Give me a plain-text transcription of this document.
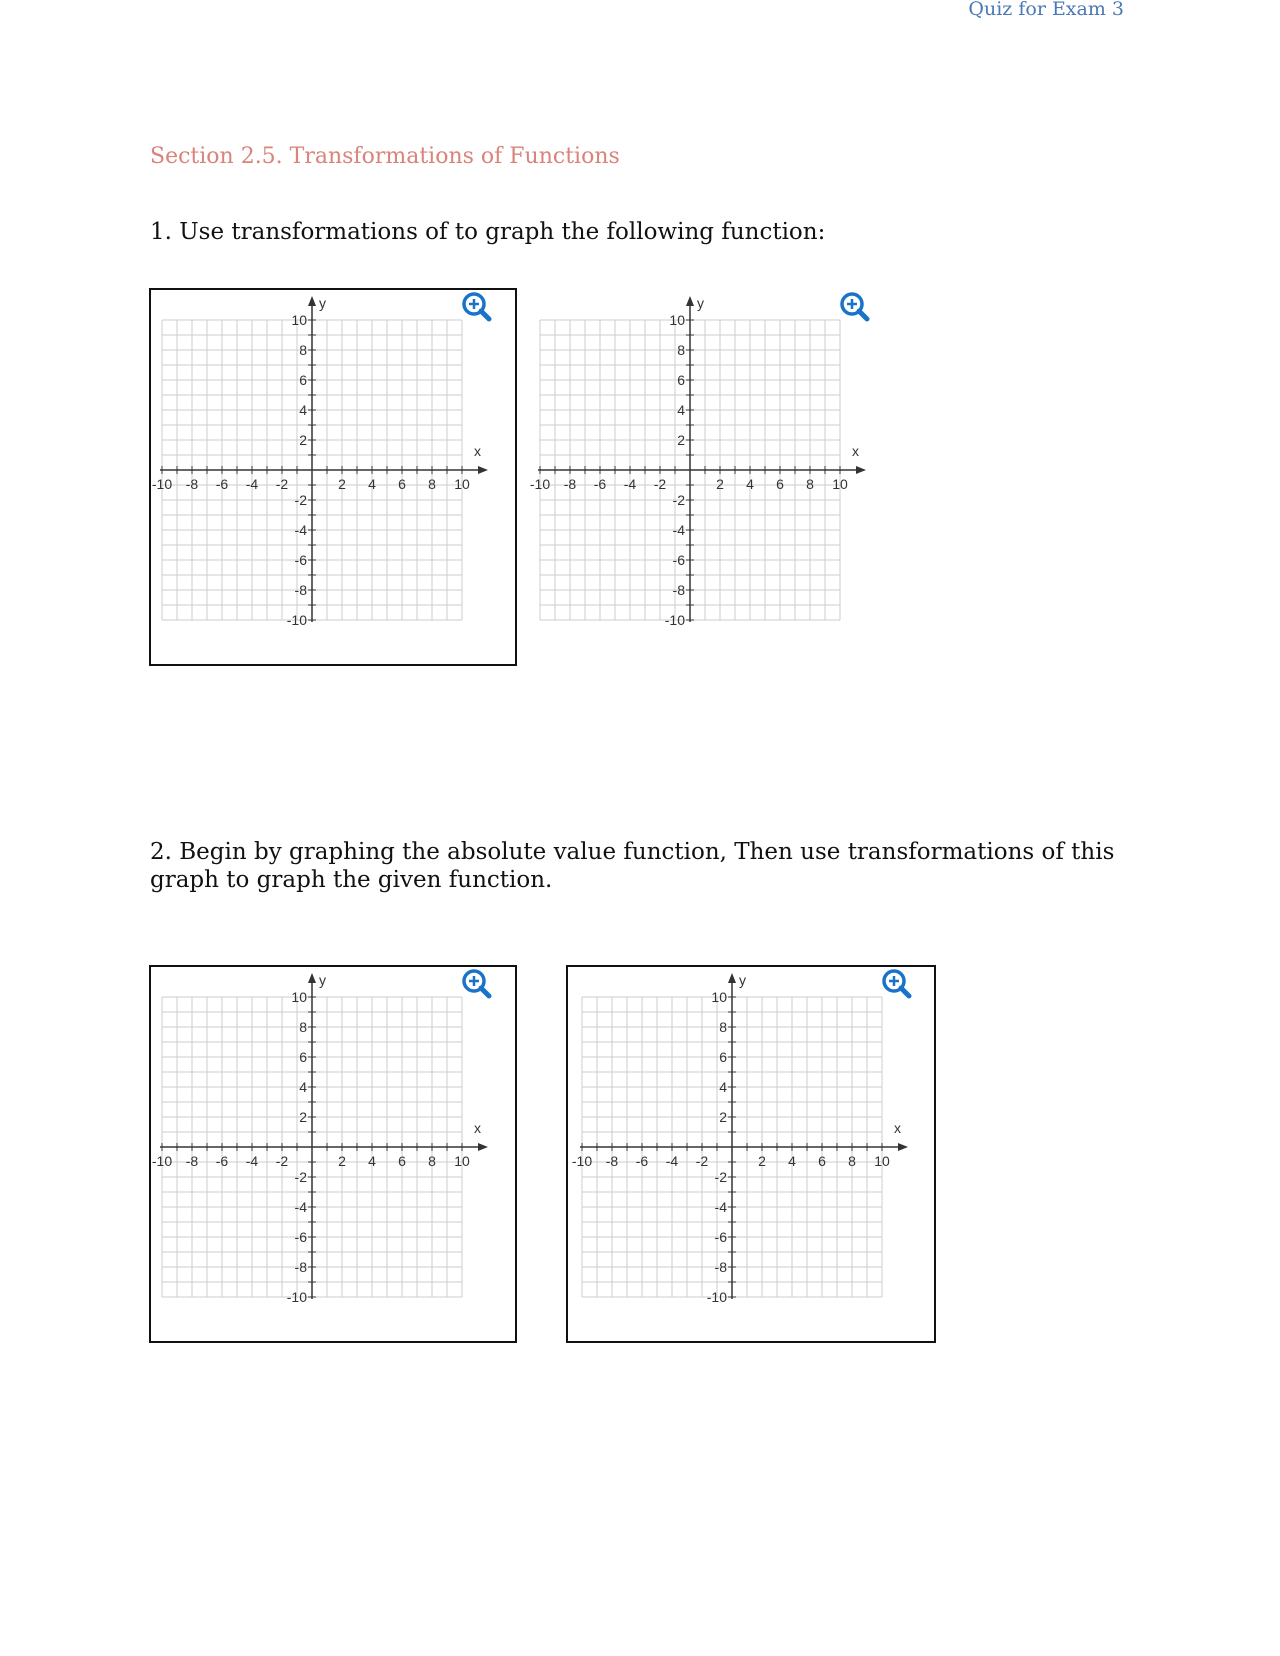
Quiz for Exam 3
Section 2.5. Transformations of Functions
1. Use transformations of to graph the following function:
-10 -8 -6 -4 -2	2 4 6 8 10
10
8
6
4
2
-2
-4
-6
-8
-10
x
y
-10 -8 -6 -4 -2	2 4 6 8 10
10
8
6
4
2
-2
-4
-6
-8
-10
x
y
2. Begin by graphing the absolute value function, Then use transformations of this graph to graph the given function.
-10 -8 -6 -4 -2	2 4 6 8 10
10
8
6
4
2
-2
-4
-6
-8
-10
x
y
-10 -8 -6 -4 -2	2 4 6 8 10
10
8
6
4
2
-2
-4
-6
-8
-10
x
y
